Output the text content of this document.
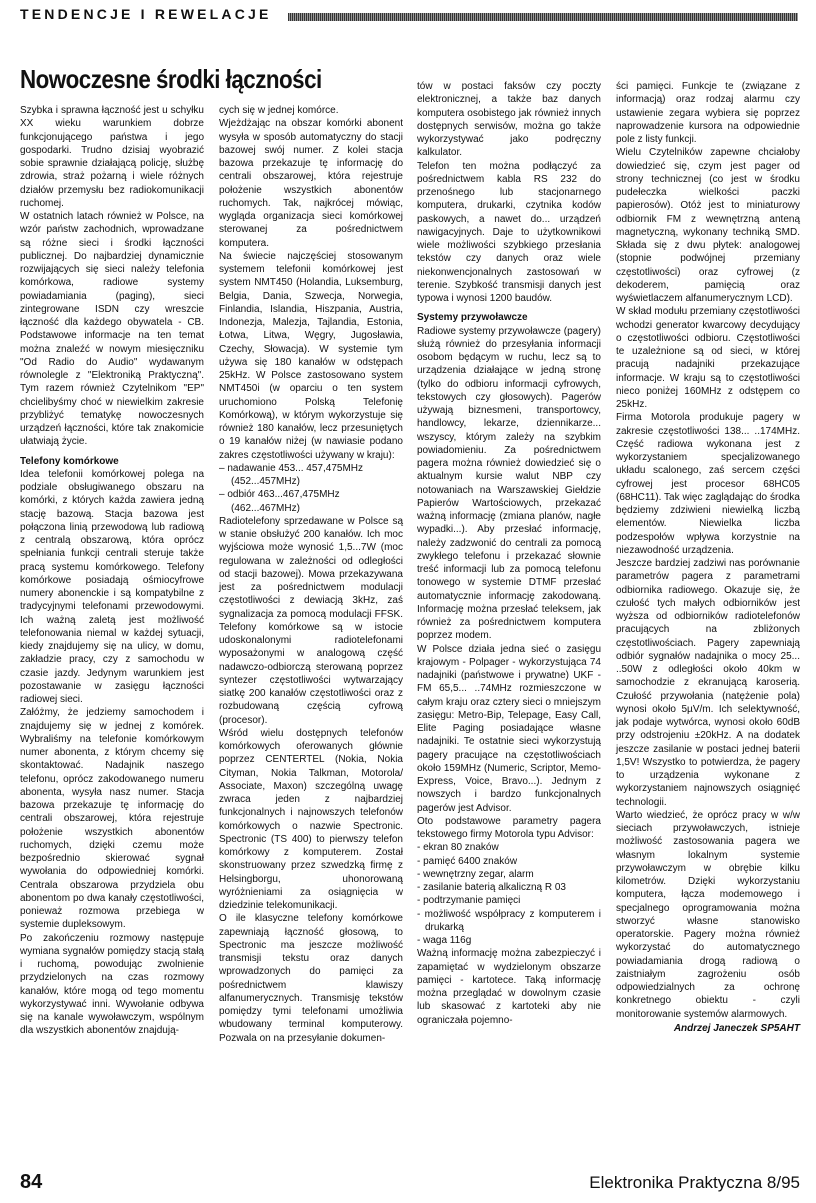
TENDENCJE I REWELACJE
Nowoczesne środki łączności

Szybka i sprawna łączność jest u schyłku XX wieku warunkiem dobrze funkcjonującego państwa i jego gospodarki. Trudno dzisiaj wyobrazić sobie sprawnie działającą policję, służbę zdrowia, straż pożarną i wiele różnych działów przemysłu bez radiokomunikacji ruchomej.

W ostatnich latach również w Polsce, na wzór państw zachodnich, wprowadzane są różne sieci i środki łączności publicznej. Do najbardziej dynamicznie rozwijających się sieci należy telefonia komórkowa, radiowe systemy powiadamiania (paging), sieci zintegrowane ISDN czy wreszcie łączność dla każdego obywatela - CB. Podstawowe informacje na ten temat można znaleźć w nowym miesięczniku "Od Radio do Audio" wydawanym równolegle z "Elektroniką Praktyczną". Tym razem również Czytelnikom "EP" chcielibyśmy choć w niewielkim zakresie przybliżyć tematykę nowoczesnych urządzeń łączności, które tak znakomicie ułatwiają życie.

Telefony komórkowe

Idea telefonii komórkowej polega na podziale obsługiwanego obszaru na komórki, z których każda zawiera jedną stację bazową. Stacja bazowa jest połączona linią przewodową lub radiową z centralą obszarową, która oprócz spełniania funkcji centrali steruje także pracą systemu komórkowego. Telefony komórkowe posiadają ośmiocyfrowe numery abonenckie i są kompatybilne z tradycyjnymi telefonami przewodowymi. Ich ważną zaletą jest możliwość telefonowania niemal w każdej sytuacji, kiedy znajdujemy się na ulicy, w domu, zakładzie pracy, czy z samochodu w czasie jazdy. Jedynym warunkiem jest pozostawanie w zasięgu łączności radiowej sieci.

Załóżmy, że jedziemy samochodem i znajdujemy się w jednej z komórek. Wybraliśmy na telefonie komórkowym numer abonenta, z którym chcemy się skontaktować. Nadajnik naszego telefonu, oprócz zakodowanego numeru abonenta, wysyła nasz numer. Stacja bazowa przekazuje tę informację do centrali obszarowej, która rejestruje położenie wszystkich abonentów ruchomych, dzięki czemu może bezpośrednio skierować sygnał wywołania do odpowiedniej komórki. Centrala obszarowa przydziela obu abonentom po dwa kanały częstotliwości, ponieważ rozmowa przebiega w systemie dupleksowym.

Po zakończeniu rozmowy następuje wymiana sygnałów pomiędzy stacją stałą i ruchomą, powodując zwolnienie przydzielonych na czas rozmowy kanałów, które mogą od tego momentu wykorzystywać inni. Wywołanie odbywa się na kanale wywoławczym, wspólnym dla wszystkich abonentów znajdują-

cych się w jednej komórce.

Wjeżdżając na obszar komórki abonent wysyła w sposób automatyczny do stacji bazowej swój numer. Z kolei stacja bazowa przekazuje tę informację do centrali obszarowej, która rejestruje położenie wszystkich abonentów ruchomych. Tak, najkrócej mówiąc, wygląda organizacja sieci komórkowej sterowanej za pośrednictwem komputera.

Na świecie najczęściej stosowanym systemem telefonii komórkowej jest system NMT450 (Holandia, Luksemburg, Belgia, Dania, Szwecja, Norwegia, Finlandia, Islandia, Hiszpania, Austria, Indonezja, Malezja, Tajlandia, Estonia, Łotwa, Litwa, Węgry, Jugosławia, Czechy, Słowacja). W systemie tym używa się 180 kanałów w odstępach 25kHz. W Polsce zastosowano system NMT450i (w oparciu o ten system uruchomiono Polską Telefonię Komórkową), w którym wykorzystuje się również 180 kanałów, lecz przesuniętych o 19 kanałów niżej (w nawiasie podano zakres częstotliwości używany w kraju):

– nadawanie 453... 457,475MHz
(452...457MHz)
– odbiór 463...467,475MHz
(462...467MHz)

Radiotelefony sprzedawane w Polsce są w stanie obsłużyć 200 kanałów. Ich moc wyjściowa może wynosić 1,5...7W (moc regulowana w zależności od odległości od stacji bazowej). Mowa przekazywana jest za pośrednictwem modulacji częstotliwości z dewiacją 3kHz, zaś sygnalizacja za pomocą modulacji FFSK. Telefony komórkowe są w istocie udoskonalonymi radiotelefonami wyposażonymi w analogową część nadawczo-odbiorczą sterowaną poprzez syntezer częstotliwości wytwarzający siatkę 200 kanałów częstotliwości oraz z rozbudowaną częścią cyfrową (procesor).

Wśród wielu dostępnych telefonów komórkowych oferowanych głównie poprzez CENTERTEL (Nokia, Nokia Cityman, Nokia Talkman, Motorola/ Associate, Maxon) szczególną uwagę zwraca jeden z najbardziej funkcjonalnych i najnowszych telefonów komórkowych o nazwie Spectronic. Spectronic (TS 400) to pierwszy telefon komórkowy z komputerem. Został skonstruowany przez szwedzką firmę z Helsingborgu, uhonorowaną wyróżnieniami za osiągnięcia w dziedzinie telekomunikacji.

O ile klasyczne telefony komórkowe zapewniają łączność głosową, to Spectronic ma jeszcze możliwość transmisji tekstu oraz danych wprowadzonych do pamięci za pośrednictwem klawiszy alfanumerycznych. Transmisję tekstów pomiędzy tymi telefonami umożliwia wbudowany terminal komputerowy. Pozwala on na przesyłanie dokumen-

tów w postaci faksów czy poczty elektronicznej, a także baz danych komputera osobistego jak również innych dostępnych serwisów, można go także wykorzystywać jako podręczny kalkulator.

Telefon ten można podłączyć za pośrednictwem kabla RS 232 do przenośnego lub stacjonarnego komputera, drukarki, czytnika kodów paskowych, a nawet do... urządzeń nawigacyjnych. Daje to użytkownikowi wiele możliwości szybkiego przesłania tekstów czy danych oraz wiele niekonwencjonalnych zastosowań w terenie. Szybkość transmisji danych jest typowa i wynosi 1200 baudów.

Systemy przywoławcze

Radiowe systemy przywoławcze (pagery) służą również do przesyłania informacji osobom będącym w ruchu, lecz są to urządzenia działające w jedną stronę (tylko do odbioru informacji cyfrowych, tekstowych czy głosowych). Pagerów używają biznesmeni, transportowcy, handlowcy, lekarze, dziennikarze... wszyscy, którym zależy na szybkim powiadomieniu. Za pośrednictwem pagera można również dowiedzieć się o aktualnym kursie walut NBP czy notowaniach na Warszawskiej Giełdzie Papierów Wartościowych, przekazać ważną informację (zmiana planów, nagłe wypadki...). Aby przesłać informację, należy zadzwonić do centrali za pomocą zwykłego telefonu i przekazać słownie treść informacji lub za pomocą telefonu tonowego w systemie DTMF przesłać automatycznie informację zakodowaną. Informację można przesłać teleksem, jak również za pośrednictwem komputera poprzez modem.

W Polsce działa jedna sieć o zasięgu krajowym - Polpager - wykorzystująca 74 nadajniki (państwowe i prywatne) UKF - FM 65,5... ..74MHz rozmieszczone w całym kraju oraz cztery sieci o mniejszym zasięgu: Metro-Bip, Telepage, Easy Call, Elite Paging posiadające własne nadajniki. Te ostatnie sieci wykorzystują pagery pracujące na częstotliwościach około 159MHz (Numeric, Scriptor, Memo-Express, Voice, Bravo...). Jednym z nowszych i bardzo funkcjonalnych pagerów jest Advisor.

Oto podstawowe parametry pagera tekstowego firmy Motorola typu Advisor:

- ekran 80 znaków
- pamięć 6400 znaków
- wewnętrzny zegar, alarm
- zasilanie baterią alkaliczną R 03
- podtrzymanie pamięci
- możliwość współpracy z komputerem i drukarką
- waga 116g

Ważną informację można zabezpieczyć i zapamiętać w wydzielonym obszarze pamięci - kartotece. Taką informację można przeglądać w dowolnym czasie lub skasować z kartoteki aby nie ograniczała pojemno-

ści pamięci. Funkcje te (związane z informacją) oraz rodzaj alarmu czy ustawienie zegara wybiera się poprzez naprowadzenie kursora na odpowiednie pole z listy funkcji.

Wielu Czytelników zapewne chciałoby dowiedzieć się, czym jest pager od strony technicznej (co jest w środku pudełeczka wielkości paczki papierosów). Otóż jest to miniaturowy odbiornik FM z wewnętrzną anteną magnetyczną, wykonany techniką SMD. Składa się z dwu płytek: analogowej (stopnie podwójnej przemiany częstotliwości) oraz cyfrowej (z dekoderem, pamięcią oraz wyświetlaczem alfanumerycznym LCD).

W skład modułu przemiany częstotliwości wchodzi generator kwarcowy decydujący o częstotliwości odbioru. Częstotliwości te uzależnione są od sieci, w której pracują nadajniki przekazujące informacje. W kraju są to częstotliwości nieco poniżej 160MHz z odstępem co 25kHz.

Firma Motorola produkuje pagery w zakresie częstotliwości 138... ..174MHz. Część radiowa wykonana jest z wykorzystaniem specjalizowanego układu scalonego, zaś sercem części cyfrowej jest procesor 68HC05 (68HC11). Tak więc zaglądając do środka będziemy zdziwieni niewielką liczbą elementów. Niewielka liczba podzespołów wpływa korzystnie na niezawodność urządzenia.

Jeszcze bardziej zadziwi nas porównanie parametrów pagera z parametrami odbiornika radiowego. Okazuje się, że czułość tych małych odbiorników jest wyższa od odbiorników radiotelefonów pracujących na zbliżonych częstotliwościach. Pagery zapewniają odbiór sygnałów nadajnika o mocy 25... ..50W z odległości około 40km w samochodzie z ekranującą karoserią. Czułość przywołania (natężenie pola) wynosi około 5µV/m. Ich selektywność, jak podaje wytwórca, wynosi około 60dB przy odstrojeniu ±20kHz. A na dodatek jeszcze zasilanie w postaci jednej baterii 1,5V! Wszystko to potwierdza, że pagery to urządzenia wykonane z wykorzystaniem najnowszych osiągnięć technologii.

Warto wiedzieć, że oprócz pracy w w/w sieciach przywoławczych, istnieje możliwość zastosowania pagera we własnym lokalnym systemie przywoławczym w obrębie kilku kilometrów. Dzięki wykorzystaniu komputera, łącza modemowego i specjalnego oprogramowania można stworzyć własne stanowisko operatorskie. Pagery można również wykorzystać do automatycznego powiadamiania drogą radiową o zaistniałym zagrożeniu osób odpowiedzialnych za ochronę konkretnego obiektu - czyli monitorowanie systemów alarmowych.

Andrzej Janeczek SP5AHT

84	Elektronika Praktyczna 8/95
